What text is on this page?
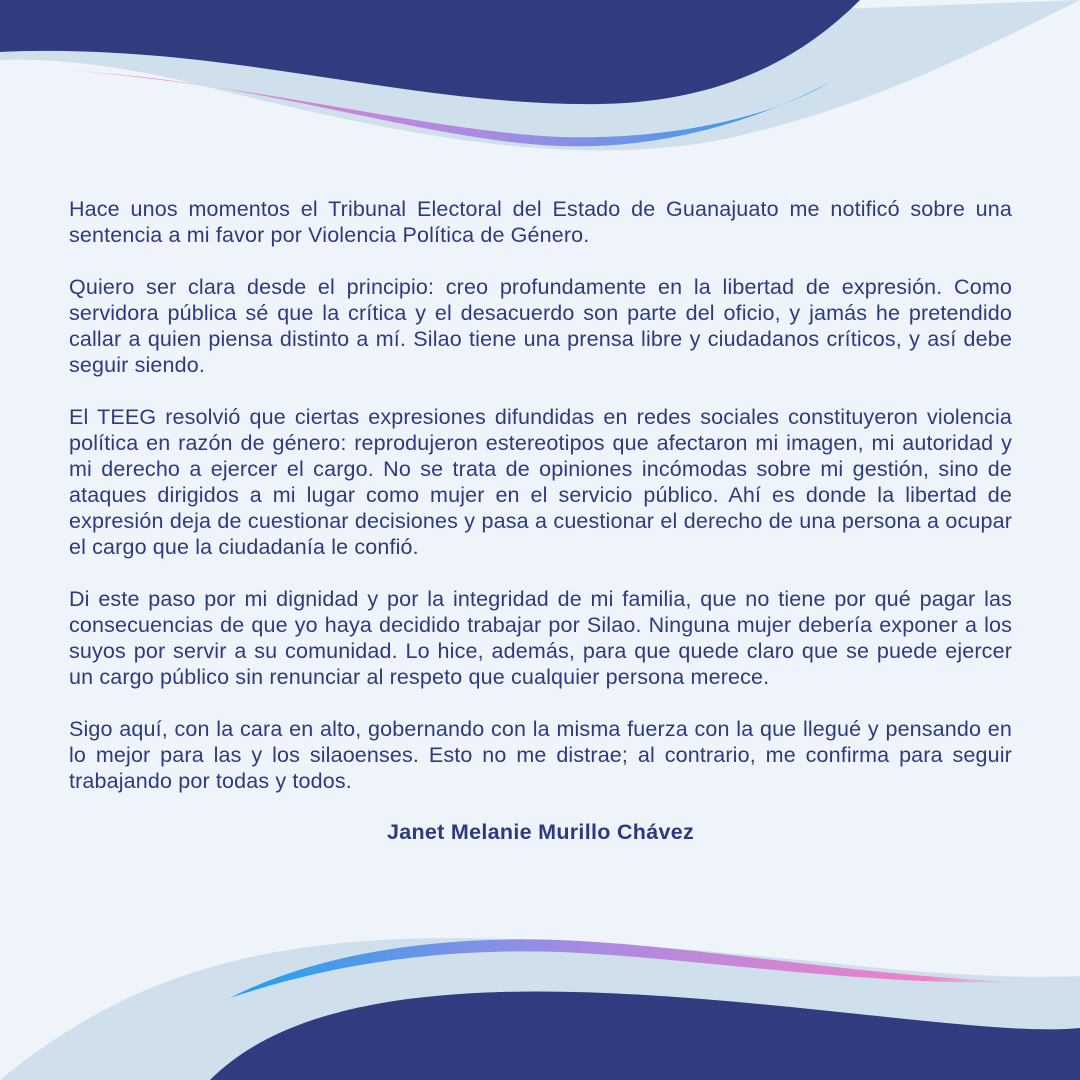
Hace unos momentos el Tribunal Electoral del Estado de Guanajuato me notificó sobre una sentencia a mi favor por Violencia Política de Género.

Quiero ser clara desde el principio: creo profundamente en la libertad de expresión. Como servidora pública sé que la crítica y el desacuerdo son parte del oficio, y jamás he pretendido callar a quien piensa distinto a mí. Silao tiene una prensa libre y ciudadanos críticos, y así debe seguir siendo.

El TEEG resolvió que ciertas expresiones difundidas en redes sociales constituyeron violencia política en razón de género: reprodujeron estereotipos que afectaron mi imagen, mi autoridad y mi derecho a ejercer el cargo. No se trata de opiniones incómodas sobre mi gestión, sino de ataques dirigidos a mi lugar como mujer en el servicio público. Ahí es donde la libertad de expresión deja de cuestionar decisiones y pasa a cuestionar el derecho de una persona a ocupar el cargo que la ciudadanía le confió.

Di este paso por mi dignidad y por la integridad de mi familia, que no tiene por qué pagar las consecuencias de que yo haya decidido trabajar por Silao. Ninguna mujer debería exponer a los suyos por servir a su comunidad. Lo hice, además, para que quede claro que se puede ejercer un cargo público sin renunciar al respeto que cualquier persona merece.

Sigo aquí, con la cara en alto, gobernando con la misma fuerza con la que llegué y pensando en lo mejor para las y los silaoenses. Esto no me distrae; al contrario, me confirma para seguir trabajando por todas y todos.

Janet Melanie Murillo Chávez
